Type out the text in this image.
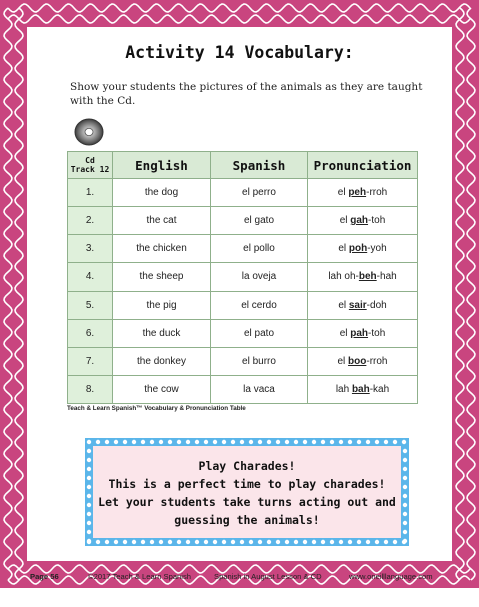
Activity 14 Vocabulary:
Show your students the pictures of the animals as they are taught with the Cd.
Cd
Track 12	English	Spanish	Pronunciation
1.	the dog	el perro	el peh-rroh
2.	the cat	el gato	el gah-toh
3.	the chicken	el pollo	el poh-yoh
4.	the sheep	la oveja	lah oh-beh-hah
5.	the pig	el cerdo	el sair-doh
6.	the duck	el pato	el pah-toh
7.	the donkey	el burro	el boo-rroh
8.	the cow	la vaca	lah bah-kah
Teach & Learn Spanish™ Vocabulary & Pronunciation Table
Play Charades!
This is a perfect time to play charades!
Let your students take turns acting out and
guessing the animals!
Page 56	©2017 Teach & Learn Spanish	Spanish in August Lesson & CD	www.oneilllanguage.com
